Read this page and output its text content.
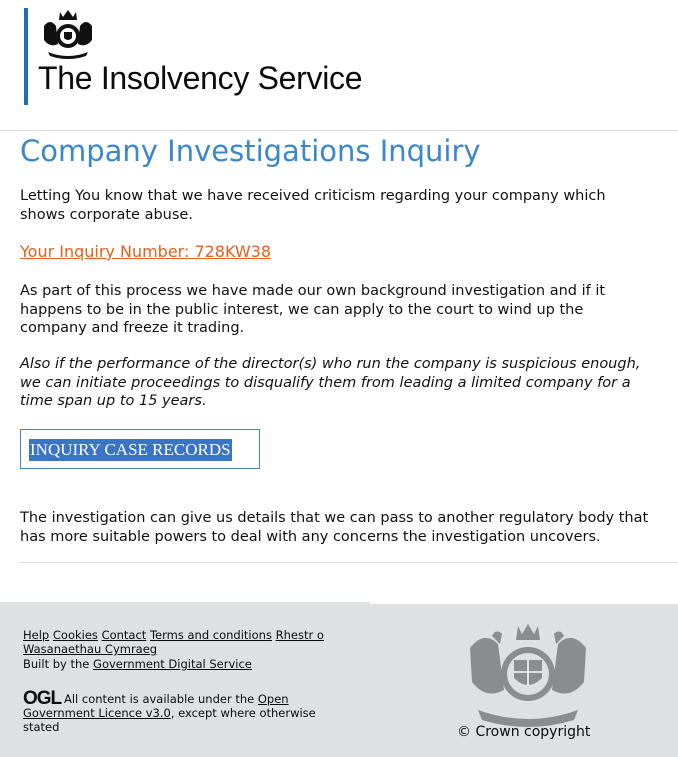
The Insolvency Service
Company Investigations Inquiry

Letting You know that we have received criticism regarding your company which shows corporate abuse.

Your Inquiry Number: 728KW38

As part of this process we have made our own background investigation and if it happens to be in the public interest, we can apply to the court to wind up the company and freeze it trading.

Also if the performance of the director(s) who run the company is suspicious enough, we can initiate proceedings to disqualify them from leading a limited company for a time span up to 15 years.

INQUIRY CASE RECORDS

The investigation can give us details that we can pass to another regulatory body that has more suitable powers to deal with any concerns the investigation uncovers.

Help Cookies Contact Terms and conditions Rhestr o Wasanaethau Cymraeg
Built by the Government Digital Service
OGL All content is available under the Open Government Licence v3.0, except where otherwise stated	© Crown copyright
